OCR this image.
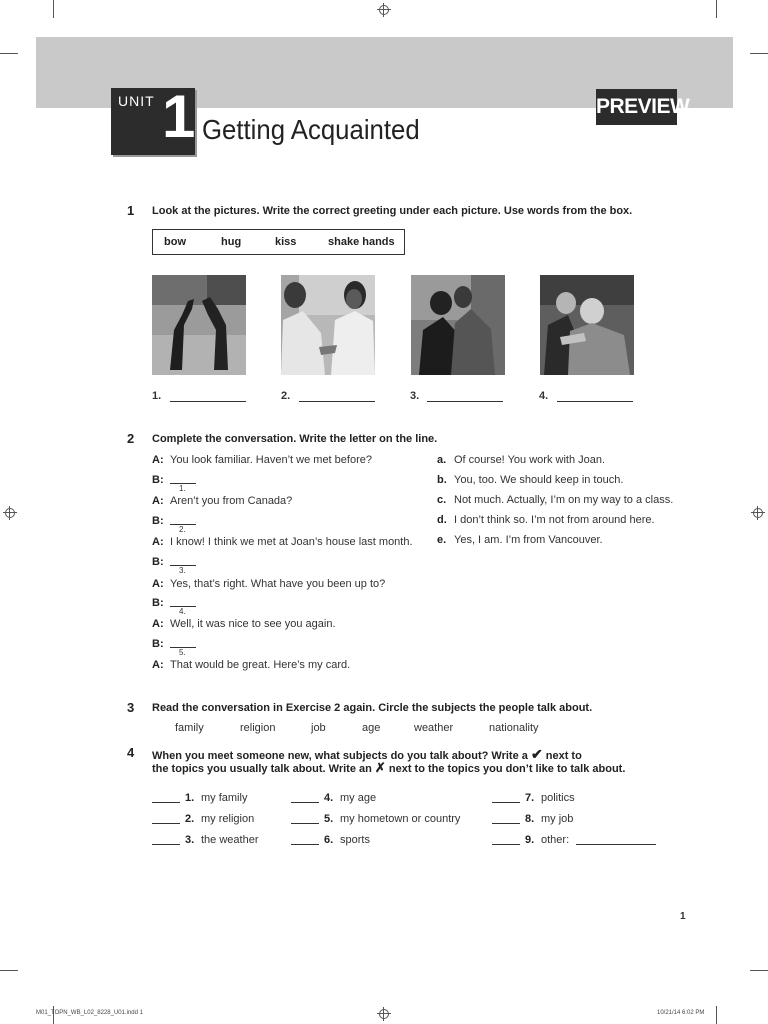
UNIT 1 Getting Acquainted
PREVIEW
1 Look at the pictures. Write the correct greeting under each picture. Use words from the box.
bow	hug	kiss	shake hands
1.	2.	3.	4.
2 Complete the conversation. Write the letter on the line.
A: You look familiar. Haven’t we met before?
B:
1.
A: Aren’t you from Canada?
B:
2.
A: I know! I think we met at Joan’s house last month.
B:
3.
A: Yes, that’s right. What have you been up to?
B:
4.
A: Well, it was nice to see you again.
B:
5.
A: That would be great. Here’s my card.
a. Of course! You work with Joan.
b. You, too. We should keep in touch.
c. Not much. Actually, I’m on my way to a class.
d. I don’t think so. I’m not from around here.
e. Yes, I am. I’m from Vancouver.
3 Read the conversation in Exercise 2 again. Circle the subjects the people talk about.
family	religion	job	age	weather	nationality
4 When you meet someone new, what subjects do you talk about? Write a ✔ next to
the topics you usually talk about. Write an ✗ next to the topics you don’t like to talk about.
1. my family
2. my religion
3. the weather
4. my age
5. my hometown or country
6. sports
7. politics
8. my job
9. other:
1
M01_TOPN_WB_L02_8228_U01.indd 1	10/21/14 6:02 PM
